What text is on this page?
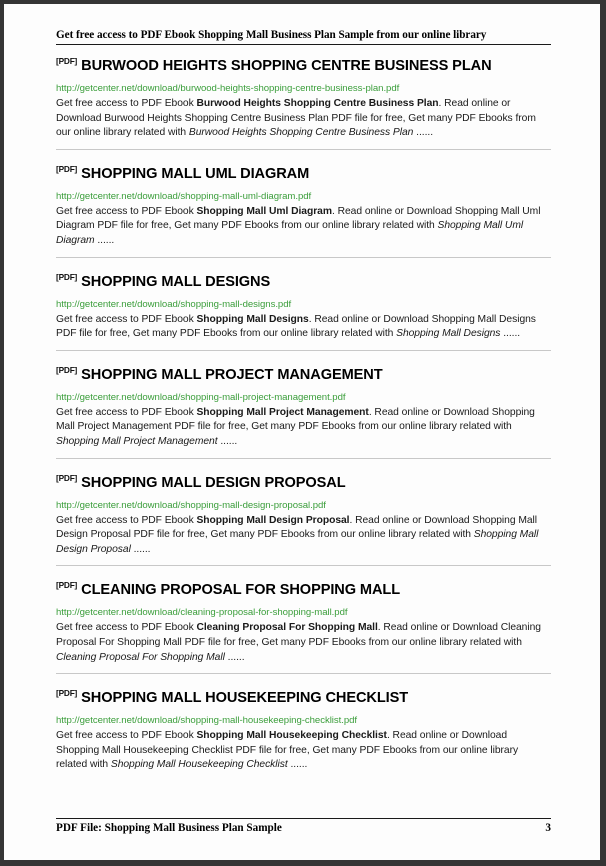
Get free access to PDF Ebook Shopping Mall Business Plan Sample from our online library
[PDF] BURWOOD HEIGHTS SHOPPING CENTRE BUSINESS PLAN
http://getcenter.net/download/burwood-heights-shopping-centre-business-plan.pdf
Get free access to PDF Ebook Burwood Heights Shopping Centre Business Plan. Read online or Download Burwood Heights Shopping Centre Business Plan PDF file for free, Get many PDF Ebooks from our online library related with Burwood Heights Shopping Centre Business Plan ......
[PDF] SHOPPING MALL UML DIAGRAM
http://getcenter.net/download/shopping-mall-uml-diagram.pdf
Get free access to PDF Ebook Shopping Mall Uml Diagram. Read online or Download Shopping Mall Uml Diagram PDF file for free, Get many PDF Ebooks from our online library related with Shopping Mall Uml Diagram ......
[PDF] SHOPPING MALL DESIGNS
http://getcenter.net/download/shopping-mall-designs.pdf
Get free access to PDF Ebook Shopping Mall Designs. Read online or Download Shopping Mall Designs PDF file for free, Get many PDF Ebooks from our online library related with Shopping Mall Designs ......
[PDF] SHOPPING MALL PROJECT MANAGEMENT
http://getcenter.net/download/shopping-mall-project-management.pdf
Get free access to PDF Ebook Shopping Mall Project Management. Read online or Download Shopping Mall Project Management PDF file for free, Get many PDF Ebooks from our online library related with Shopping Mall Project Management ......
[PDF] SHOPPING MALL DESIGN PROPOSAL
http://getcenter.net/download/shopping-mall-design-proposal.pdf
Get free access to PDF Ebook Shopping Mall Design Proposal. Read online or Download Shopping Mall Design Proposal PDF file for free, Get many PDF Ebooks from our online library related with Shopping Mall Design Proposal ......
[PDF] CLEANING PROPOSAL FOR SHOPPING MALL
http://getcenter.net/download/cleaning-proposal-for-shopping-mall.pdf
Get free access to PDF Ebook Cleaning Proposal For Shopping Mall. Read online or Download Cleaning Proposal For Shopping Mall PDF file for free, Get many PDF Ebooks from our online library related with Cleaning Proposal For Shopping Mall ......
[PDF] SHOPPING MALL HOUSEKEEPING CHECKLIST
http://getcenter.net/download/shopping-mall-housekeeping-checklist.pdf
Get free access to PDF Ebook Shopping Mall Housekeeping Checklist. Read online or Download Shopping Mall Housekeeping Checklist PDF file for free, Get many PDF Ebooks from our online library related with Shopping Mall Housekeeping Checklist ......
PDF File: Shopping Mall Business Plan Sample	3
